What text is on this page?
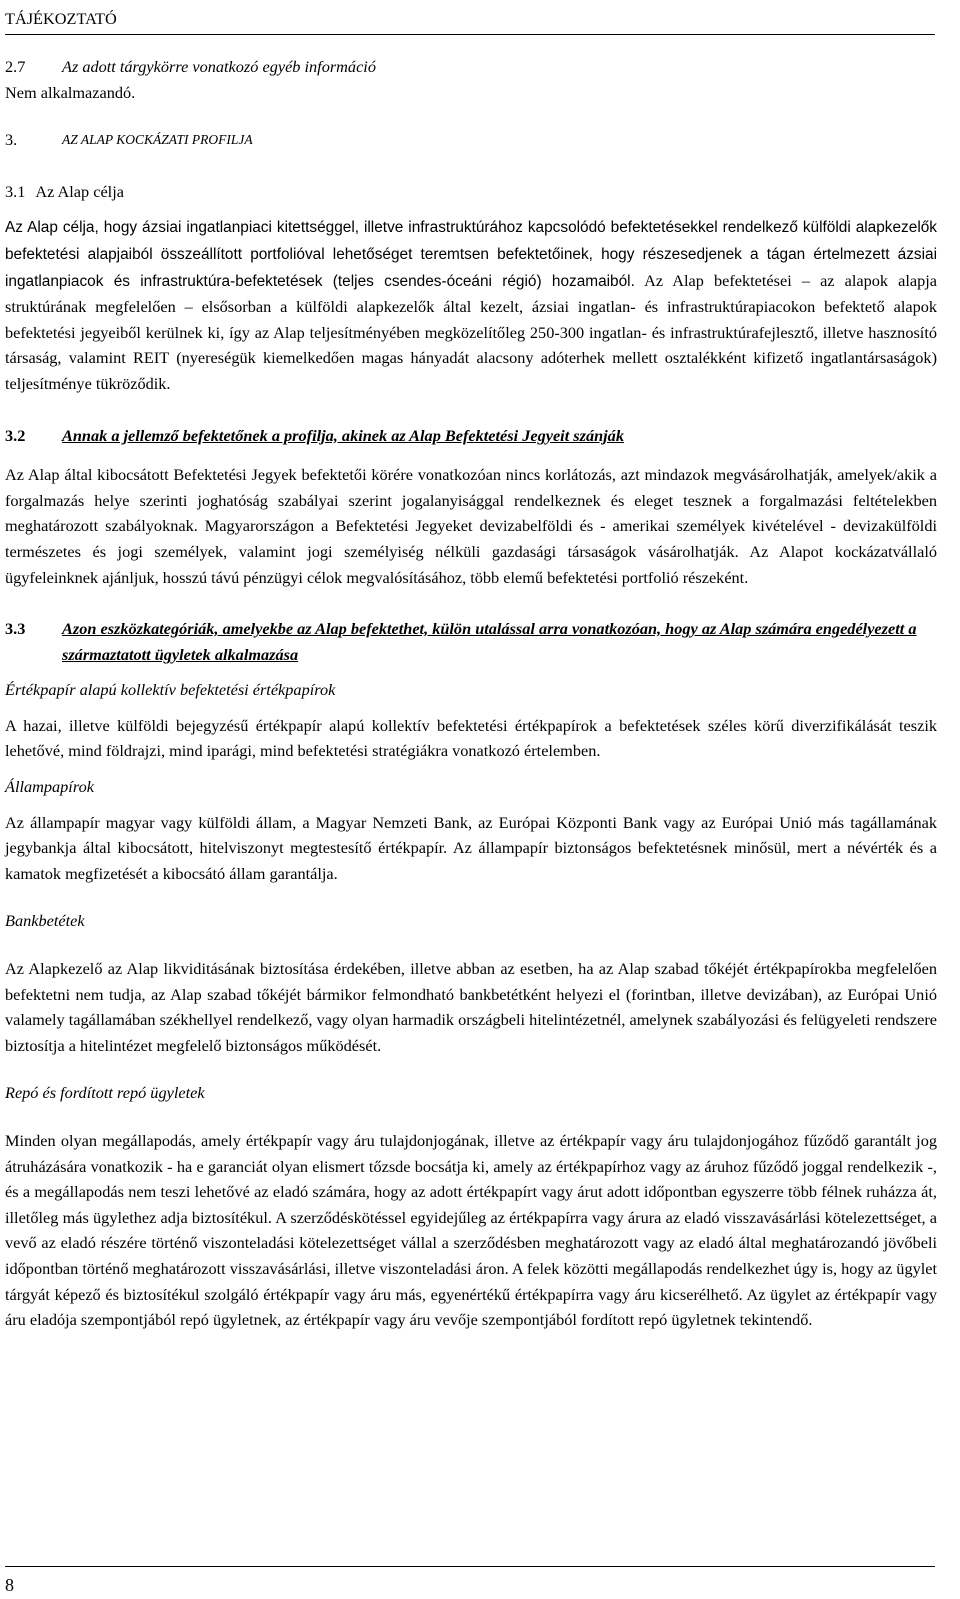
TÁJÉKOZTATÓ
2.7	Az adott tárgykörre vonatkozó egyéb információ

Nem alkalmazandó.

3.	AZ ALAP KOCKÁZATI PROFILJA
3.1 Az Alap célja

Az Alap célja, hogy ázsiai ingatlanpiaci kitettséggel, illetve infrastruktúrához kapcsolódó befektetésekkel rendelkező külföldi alapkezelők befektetési alapjaiból összeállított portfolióval lehetőséget teremtsen befektetőinek, hogy részesedjenek a tágan értelmezett ázsiai ingatlanpiacok és infrastruktúra-befektetések (teljes csendes-óceáni régió) hozamaiból. Az Alap befektetései – az alapok alapja struktúrának megfelelően – elsősorban a külföldi alapkezelők által kezelt, ázsiai ingatlan- és infrastruktúrapiacokon befektető alapok befektetési jegyeiből kerülnek ki, így az Alap teljesítményében megközelítőleg 250-300 ingatlan- és infrastruktúrafejlesztő, illetve hasznosító társaság, valamint REIT (nyereségük kiemelkedően magas hányadát alacsony adóterhek mellett osztalékként kifizető ingatlantársaságok) teljesítménye tükröződik.

3.2	Annak a jellemző befektetőnek a profilja, akinek az Alap Befektetési Jegyeit szánják

Az Alap által kibocsátott Befektetési Jegyek befektetői körére vonatkozóan nincs korlátozás, azt mindazok megvásárolhatják, amelyek/akik a forgalmazás helye szerinti joghatóság szabályai szerint jogalanyisággal rendelkeznek és eleget tesznek a forgalmazási feltételekben meghatározott szabályoknak. Magyarországon a Befektetési Jegyeket devizabelföldi és - amerikai személyek kivételével - devizakülföldi természetes és jogi személyek, valamint jogi személyiség nélküli gazdasági társaságok vásárolhatják. Az Alapot kockázatvállaló ügyfeleinknek ajánljuk, hosszú távú pénzügyi célok megvalósításához, több elemű befektetési portfolió részeként.

3.3	Azon eszközkategóriák, amelyekbe az Alap befektethet, külön utalással arra vonatkozóan, hogy az Alap számára engedélyezett a származtatott ügyletek alkalmazása

Értékpapír alapú kollektív befektetési értékpapírok

A hazai, illetve külföldi bejegyzésű értékpapír alapú kollektív befektetési értékpapírok a befektetések széles körű diverzifikálását teszik lehetővé, mind földrajzi, mind iparági, mind befektetési stratégiákra vonatkozó értelemben.

Állampapírok

Az állampapír magyar vagy külföldi állam, a Magyar Nemzeti Bank, az Európai Központi Bank vagy az Európai Unió más tagállamának jegybankja által kibocsátott, hitelviszonyt megtestesítő értékpapír. Az állampapír biztonságos befektetésnek minősül, mert a névérték és a kamatok megfizetését a kibocsátó állam garantálja.

Bankbetétek

Az Alapkezelő az Alap likviditásának biztosítása érdekében, illetve abban az esetben, ha az Alap szabad tőkéjét értékpapírokba megfelelően befektetni nem tudja, az Alap szabad tőkéjét bármikor felmondható bankbetétként helyezi el (forintban, illetve devizában), az Európai Unió valamely tagállamában székhellyel rendelkező, vagy olyan harmadik országbeli hitelintézetnél, amelynek szabályozási és felügyeleti rendszere biztosítja a hitelintézet megfelelő biztonságos működését.

Repó és fordított repó ügyletek

Minden olyan megállapodás, amely értékpapír vagy áru tulajdonjogának, illetve az értékpapír vagy áru tulajdonjogához fűződő garantált jog átruházására vonatkozik - ha e garanciát olyan elismert tőzsde bocsátja ki, amely az értékpapírhoz vagy az áruhoz fűződő joggal rendelkezik -, és a megállapodás nem teszi lehetővé az eladó számára, hogy az adott értékpapírt vagy árut adott időpontban egyszerre több félnek ruházza át, illetőleg más ügylethez adja biztosítékul. A szerződéskötéssel egyidejűleg az értékpapírra vagy árura az eladó visszavásárlási kötelezettséget, a vevő az eladó részére történő viszonteladási kötelezettséget vállal a szerződésben meghatározott vagy az eladó által meghatározandó jövőbeli időpontban történő meghatározott visszavásárlási, illetve viszonteladási áron. A felek közötti megállapodás rendelkezhet úgy is, hogy az ügylet tárgyát képező és biztosítékul szolgáló értékpapír vagy áru más, egyenértékű értékpapírra vagy áru kicserélhető. Az ügylet az értékpapír vagy áru eladója szempontjából repó ügyletnek, az értékpapír vagy áru vevője szempontjából fordított repó ügyletnek tekintendő.

8
